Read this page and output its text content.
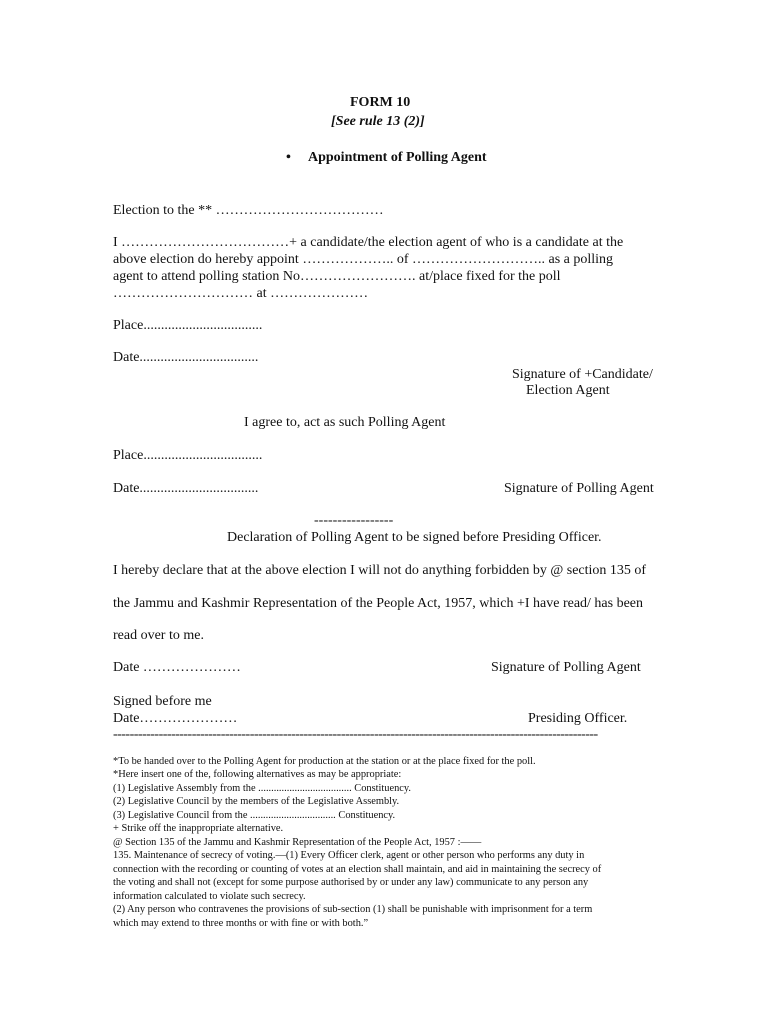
FORM 10
[See rule 13 (2)]
• Appointment of Polling Agent
Election to the ** ………………………………
I ………………………………+ a candidate/the election agent of who is a candidate at the
above election do hereby appoint ……………….. of ……………………….. as a polling
agent to attend polling station No……………………. at/place fixed for the poll
………………………… at …………………
Place..................................
Date..................................
Signature of +Candidate/
Election Agent
I agree to, act as such Polling Agent
Place..................................
Date..................................	Signature of Polling Agent
-----------------
Declaration of Polling Agent to be signed before Presiding Officer.
I hereby declare that at the above election I will not do anything forbidden by @ section 135 of
the Jammu and Kashmir Representation of the People Act, 1957, which +I have read/ has been
read over to me.
Date …………………	Signature of Polling Agent
Signed before me
Date…………………	Presiding Officer.
---------------------------------------------------------------------------------------------------------------------
*To be handed over to the Polling Agent for production at the station or at the place fixed for the poll.
*Here insert one of the, following alternatives as may be appropriate:
(1) Legislative Assembly from the .................................... Constituency.
(2) Legislative Council by the members of the Legislative Assembly.
(3) Legislative Council from the ................................. Constituency.
+ Strike off the inappropriate alternative.
@ Section 135 of the Jammu and Kashmir Representation of the People Act, 1957 :——
135. Maintenance of secrecy of voting.—(1) Every Officer clerk, agent or other person who performs any duty in
connection with the recording or counting of votes at an election shall maintain, and aid in maintaining the secrecy of
the voting and shall not (except for some purpose authorised by or under any law) communicate to any person any
information calculated to violate such secrecy.
(2) Any person who contravenes the provisions of sub-section (1) shall be punishable with imprisonment for a term
which may extend to three months or with fine or with both.”
